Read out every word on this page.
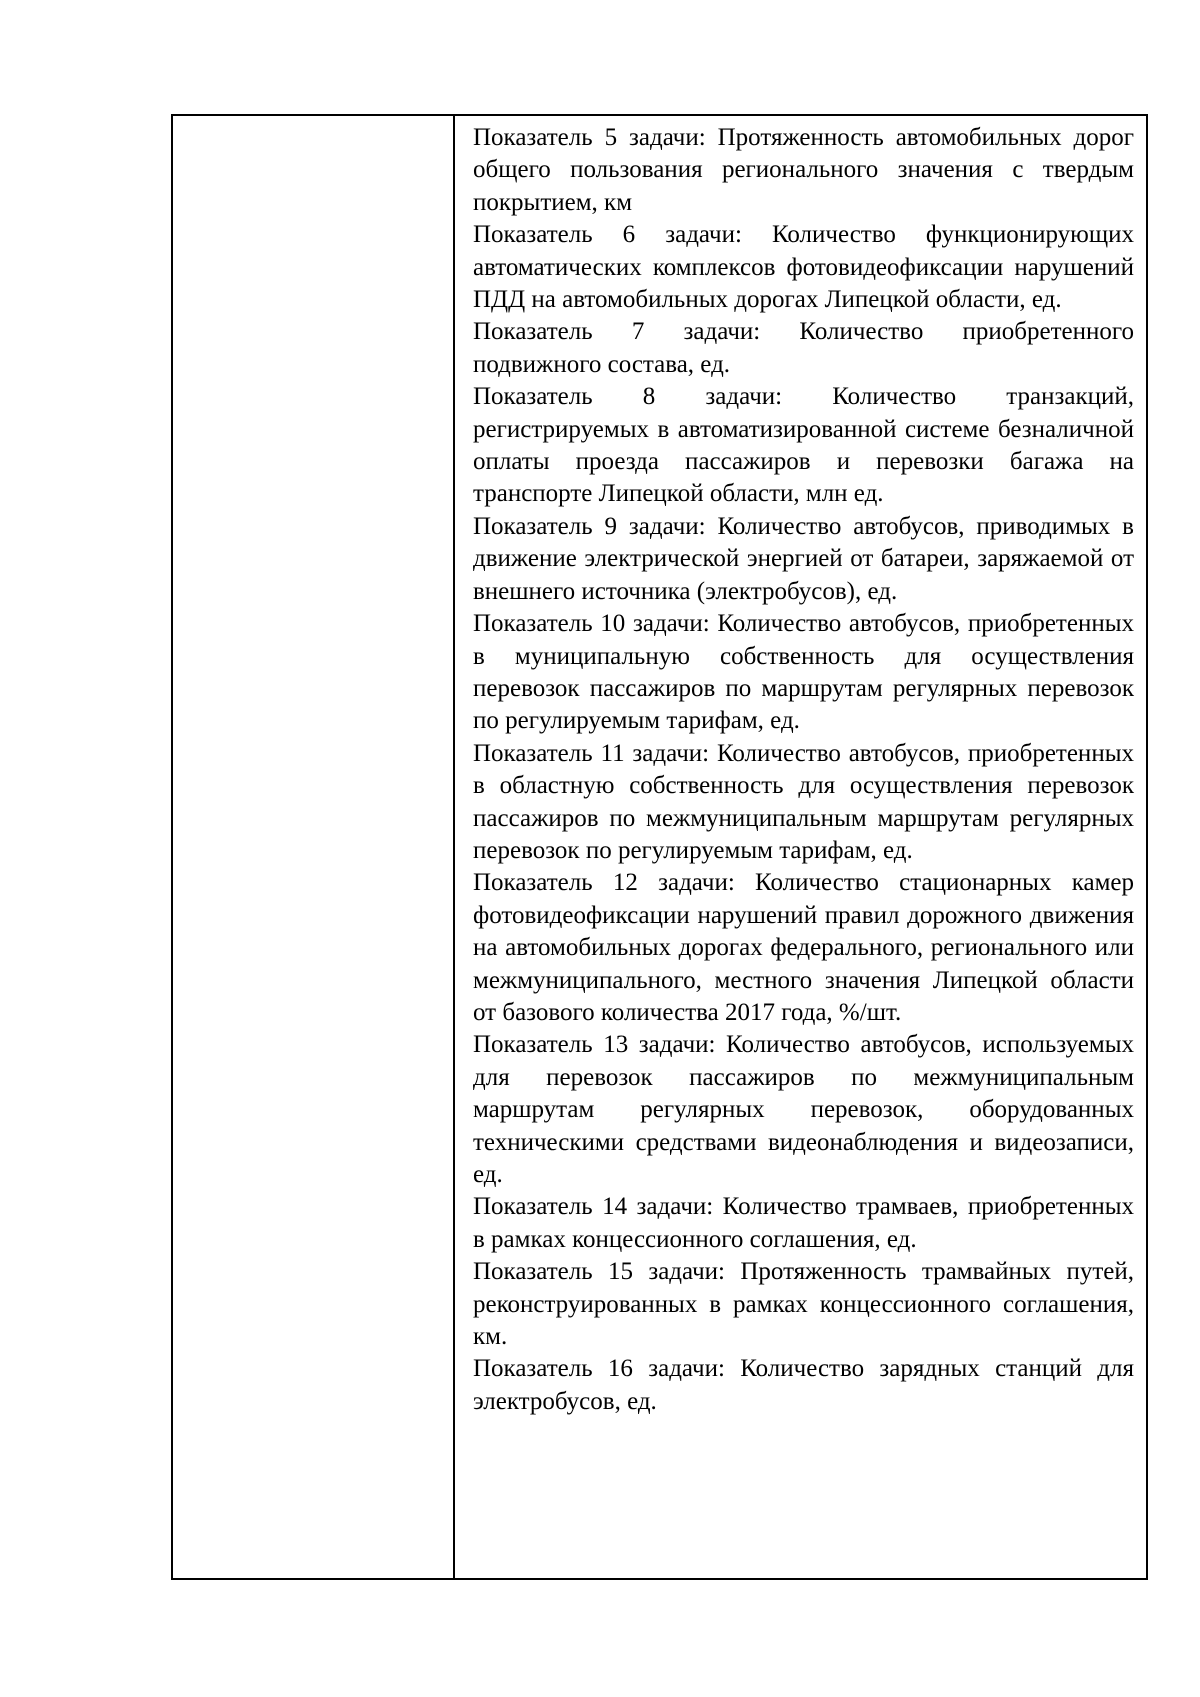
Показатель 5 задачи: Протяженность автомобильных дорог общего пользования регионального значения с твердым покрытием, км

Показатель 6 задачи: Количество функционирующих автоматических комплексов фотовидеофиксации нарушений ПДД на автомобильных дорогах Липецкой области, ед.

Показатель 7 задачи: Количество приобретенного подвижного состава, ед.

Показатель 8 задачи: Количество транзакций, регистрируемых в автоматизированной системе безналичной оплаты проезда пассажиров и перевозки багажа на транспорте Липецкой области, млн ед.

Показатель 9 задачи: Количество автобусов, приводимых в движение электрической энергией от батареи, заряжаемой от внешнего источника (электробусов), ед.

Показатель 10 задачи: Количество автобусов, приобретенных в муниципальную собственность для осуществления перевозок пассажиров по маршрутам регулярных перевозок по регулируемым тарифам, ед.

Показатель 11 задачи: Количество автобусов, приобретенных в областную собственность для осуществления перевозок пассажиров по межмуниципальным маршрутам регулярных перевозок по регулируемым тарифам, ед.

Показатель 12 задачи: Количество стационарных камер фотовидеофиксации нарушений правил дорожного движения на автомобильных дорогах федерального, регионального или межмуниципального, местного значения Липецкой области от базового количества 2017 года, %/шт.

Показатель 13 задачи: Количество автобусов, используемых для перевозок пассажиров по межмуниципальным маршрутам регулярных перевозок, оборудованных техническими средствами видеонаблюдения и видеозаписи, ед.

Показатель 14 задачи: Количество трамваев, приобретенных в рамках концессионного соглашения, ед.

Показатель 15 задачи: Протяженность трамвайных путей, реконструированных в рамках концессионного соглашения, км.

Показатель 16 задачи: Количество зарядных станций для электробусов, ед.
